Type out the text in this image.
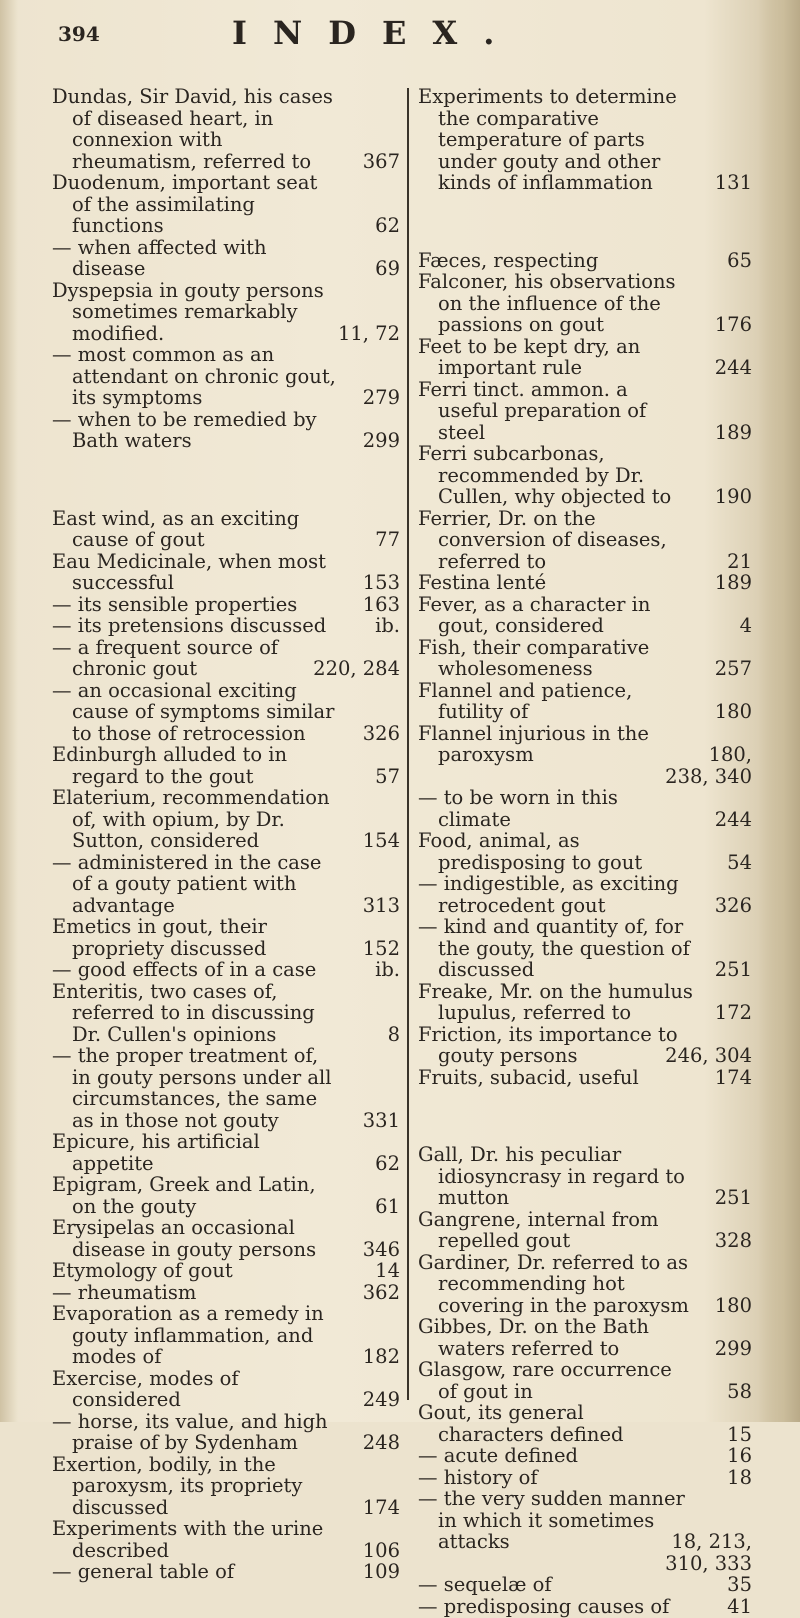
394	INDEX.

Dundas, Sir David, his cases of diseased heart, in connexion with rheumatism, referred to	367

Duodenum, important seat of the assimilating functions	62

— when affected with disease	69

Dyspepsia in gouty persons sometimes remarkably modified.	11, 72

— most common as an attendant on chronic gout, its symptoms	279

— when to be remedied by Bath waters	299

East wind, as an exciting cause of gout	77

Eau Medicinale, when most successful	153

— its sensible properties	163

— its pretensions discussed	ib.

— a frequent source of chronic gout	220, 284

— an occasional exciting cause of symptoms similar to those of retrocession	326

Edinburgh alluded to in regard to the gout	57

Elaterium, recommendation of, with opium, by Dr. Sutton, considered	154

— administered in the case of a gouty patient with advantage	313

Emetics in gout, their propriety discussed	152

— good effects of in a case	ib.

Enteritis, two cases of, referred to in discussing Dr. Cullen's opinions	8

— the proper treatment of, in gouty persons under all circumstances, the same as in those not gouty	331

Epicure, his artificial appetite	62

Epigram, Greek and Latin, on the gouty	61

Erysipelas an occasional disease in gouty persons	346

Etymology of gout	14

— rheumatism	362

Evaporation as a remedy in gouty inflammation, and modes of	182

Exercise, modes of considered	249

— horse, its value, and high praise of by Sydenham	248

Exertion, bodily, in the paroxysm, its propriety discussed	174

Experiments with the urine described	106

— general table of	109

Experiments to determine the comparative temperature of parts under gouty and other kinds of inflammation	131

Fæces, respecting	65

Falconer, his observations on the influence of the passions on gout	176

Feet to be kept dry, an important rule	244

Ferri tinct. ammon. a useful preparation of steel	189

Ferri subcarbonas, recommended by Dr. Cullen, why objected to	190

Ferrier, Dr. on the conversion of diseases, referred to	21

Festina lenté	189

Fever, as a character in gout, considered	4

Fish, their comparative wholesomeness	257

Flannel and patience, futility of	180

Flannel injurious in the paroxysm	180,

238, 340

— to be worn in this climate	244

Food, animal, as predisposing to gout	54

— indigestible, as exciting retrocedent gout	326

— kind and quantity of, for the gouty, the question of discussed	251

Freake, Mr. on the humulus lupulus, referred to	172

Friction, its importance to gouty persons	246, 304

Fruits, subacid, useful	174

Gall, Dr. his peculiar idiosyncrasy in regard to mutton	251

Gangrene, internal from repelled gout	328

Gardiner, Dr. referred to as recommending hot covering in the paroxysm	180

Gibbes, Dr. on the Bath waters referred to	299

Glasgow, rare occurrence of gout in	58

Gout, its general characters defined	15

— acute defined	16

— history of	18

— the very sudden manner in which it sometimes attacks	18, 213,

310, 333

— sequelæ of	35

— predisposing causes of	41
